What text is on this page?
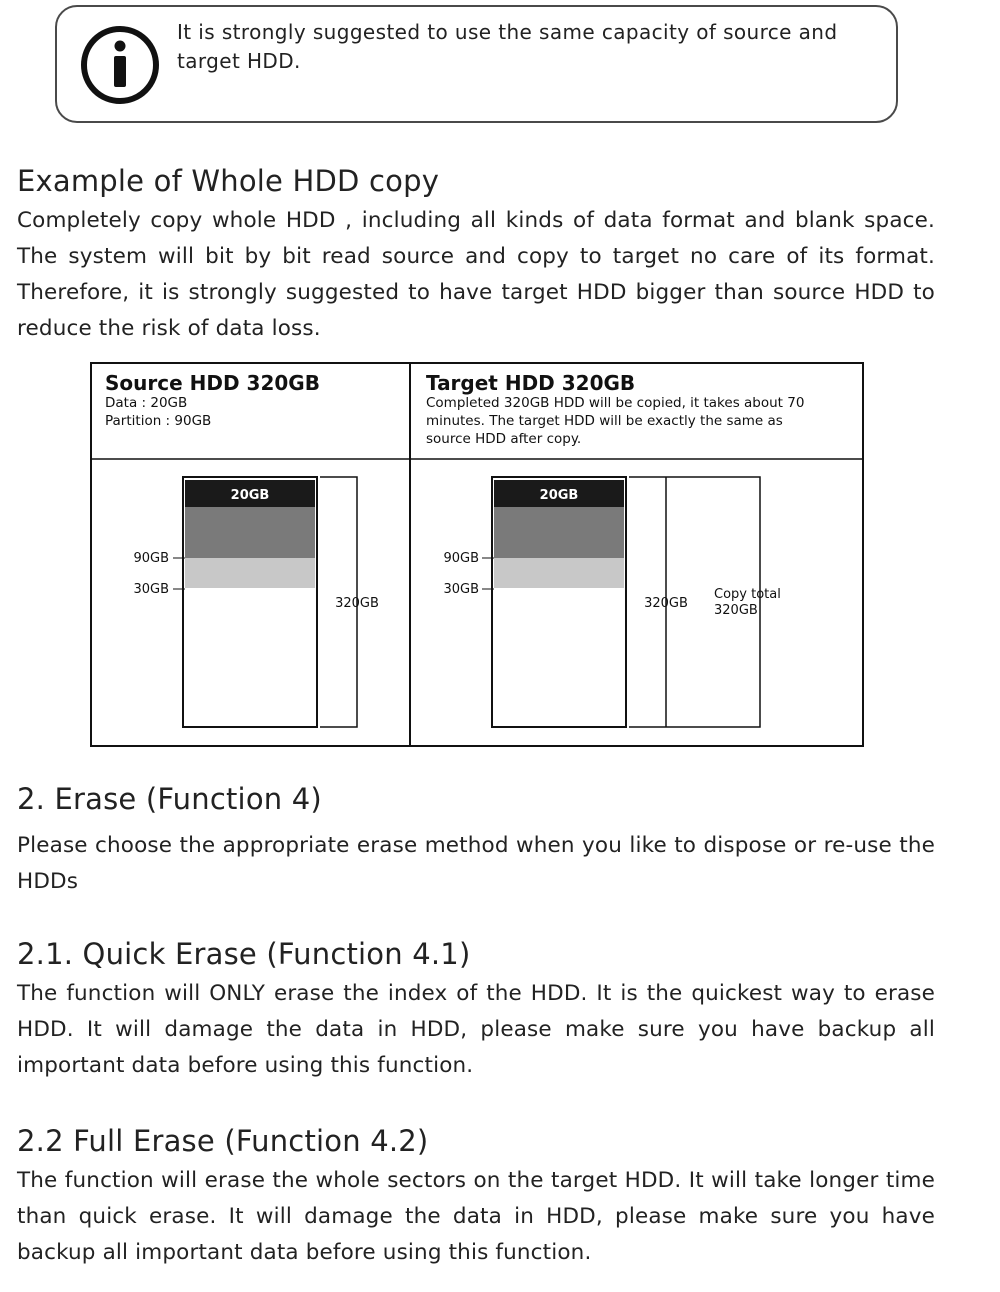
It is strongly suggested to use the same capacity of source and
target HDD.
Example of Whole HDD copy

Completely copy whole HDD , including all kinds of data format and blank space. The system will bit by bit read source and copy to target no care of its format. Therefore, it is strongly suggested to have target HDD bigger than source HDD to reduce the risk of data loss.

Source HDD 320GB
Data : 20GB
Partition : 90GB
Target HDD 320GB
Completed 320GB HDD will be copied, it takes about 70
minutes. The target HDD will be exactly the same as
source HDD after copy.
20GB
90GB
30GB
320GB
20GB
90GB
30GB
320GB
Copy total
320GB
2. Erase (Function 4)

Please choose the appropriate erase method when you like to dispose or re-use the HDDs

2.1. Quick Erase (Function 4.1)

The function will ONLY erase the index of the HDD. It is the quickest way to erase HDD. It will damage the data in HDD, please make sure you have backup all important data before using this function.

2.2 Full Erase (Function 4.2)

The function will erase the whole sectors on the target HDD. It will take longer time than quick erase. It will damage the data in HDD, please make sure you have backup all important data before using this function.
